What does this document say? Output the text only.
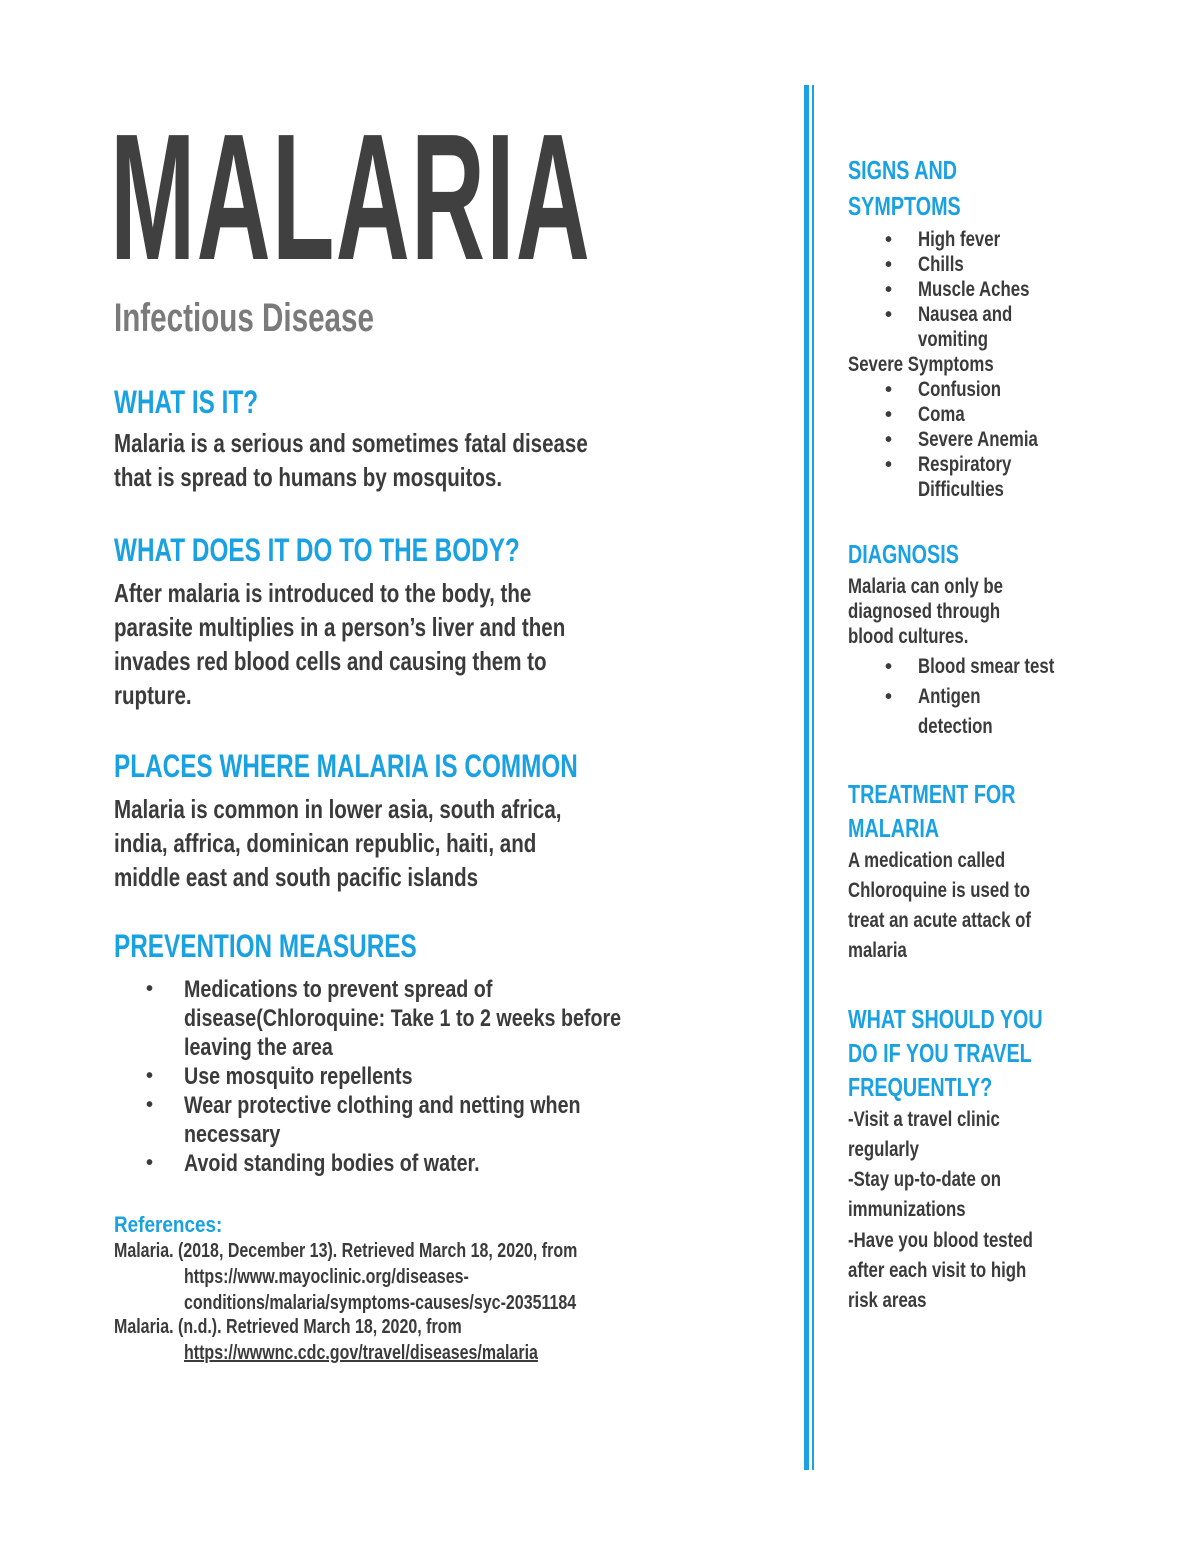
MALARIA
Infectious Disease
WHAT IS IT?
Malaria is a serious and sometimes fatal disease
that is spread to humans by mosquitos.
WHAT DOES IT DO TO THE BODY?
After malaria is introduced to the body, the
parasite multiplies in a person’s liver and then
invades red blood cells and causing them to
rupture.
PLACES WHERE MALARIA IS COMMON
Malaria is common in lower asia, south africa,
india, affrica, dominican republic, haiti, and
middle east and south pacific islands
PREVENTION MEASURES
• Medications to prevent spread of
disease(Chloroquine: Take 1 to 2 weeks before
leaving the area
• Use mosquito repellents
• Wear protective clothing and netting when
necessary
• Avoid standing bodies of water.
References:
Malaria. (2018, December 13). Retrieved March 18, 2020, from
https://www.mayoclinic.org/diseases-
conditions/malaria/symptoms-causes/syc-20351184
Malaria. (n.d.). Retrieved March 18, 2020, from
https://wwwnc.cdc.gov/travel/diseases/malaria
SIGNS AND
SYMPTOMS
• High fever
• Chills
• Muscle Aches
• Nausea and
vomiting
Severe Symptoms
• Confusion
• Coma
• Severe Anemia
• Respiratory
Difficulties
DIAGNOSIS
Malaria can only be
diagnosed through
blood cultures.
• Blood smear test
• Antigen
detection
TREATMENT FOR
MALARIA
A medication called
Chloroquine is used to
treat an acute attack of
malaria
WHAT SHOULD YOU
DO IF YOU TRAVEL
FREQUENTLY?
-Visit a travel clinic
regularly
-Stay up-to-date on
immunizations
-Have you blood tested
after each visit to high
risk areas
